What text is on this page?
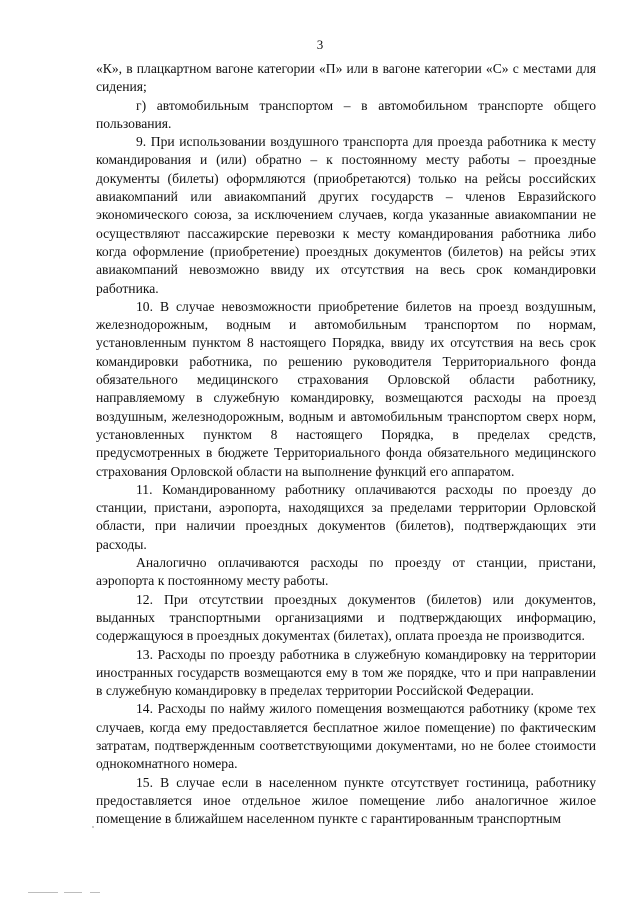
3

«К», в плацкартном вагоне категории «П» или в вагоне категории «С» с местами для сидения;

г) автомобильным транспортом – в автомобильном транспорте общего пользования.

9. При использовании воздушного транспорта для проезда работника к месту командирования и (или) обратно – к постоянному месту работы – проездные документы (билеты) оформляются (приобретаются) только на рейсы российских авиакомпаний или авиакомпаний других государств – членов Евразийского экономического союза, за исключением случаев, когда указанные авиакомпании не осуществляют пассажирские перевозки к месту командирования работника либо когда оформление (приобретение) проездных документов (билетов) на рейсы этих авиакомпаний невозможно ввиду их отсутствия на весь срок командировки работника.

10. В случае невозможности приобретение билетов на проезд воздушным, железнодорожным, водным и автомобильным транспортом по нормам, установленным пунктом 8 настоящего Порядка, ввиду их отсутствия на весь срок командировки работника, по решению руководителя Территориального фонда обязательного медицинского страхования Орловской области работнику, направляемому в служебную командировку, возмещаются расходы на проезд воздушным, железнодорожным, водным и автомобильным транспортом сверх норм, установленных пунктом 8 настоящего Порядка, в пределах средств, предусмотренных в бюджете Территориального фонда обязательного медицинского страхования Орловской области на выполнение функций его аппаратом.

11. Командированному работнику оплачиваются расходы по проезду до станции, пристани, аэропорта, находящихся за пределами территории Орловской области, при наличии проездных документов (билетов), подтверждающих эти расходы.

Аналогично оплачиваются расходы по проезду от станции, пристани, аэропорта к постоянному месту работы.

12. При отсутствии проездных документов (билетов) или документов, выданных транспортными организациями и подтверждающих информацию, содержащуюся в проездных документах (билетах), оплата проезда не производится.

13. Расходы по проезду работника в служебную командировку на территории иностранных государств возмещаются ему в том же порядке, что и при направлении в служебную командировку в пределах территории Российской Федерации.

14. Расходы по найму жилого помещения возмещаются работнику (кроме тех случаев, когда ему предоставляется бесплатное жилое помещение) по фактическим затратам, подтвержденным соответствующими документами, но не более стоимости однокомнатного номера.

15. В случае если в населенном пункте отсутствует гостиница, работнику предоставляется иное отдельное жилое помещение либо аналогичное жилое помещение в ближайшем населенном пункте с гарантированным транспортным
